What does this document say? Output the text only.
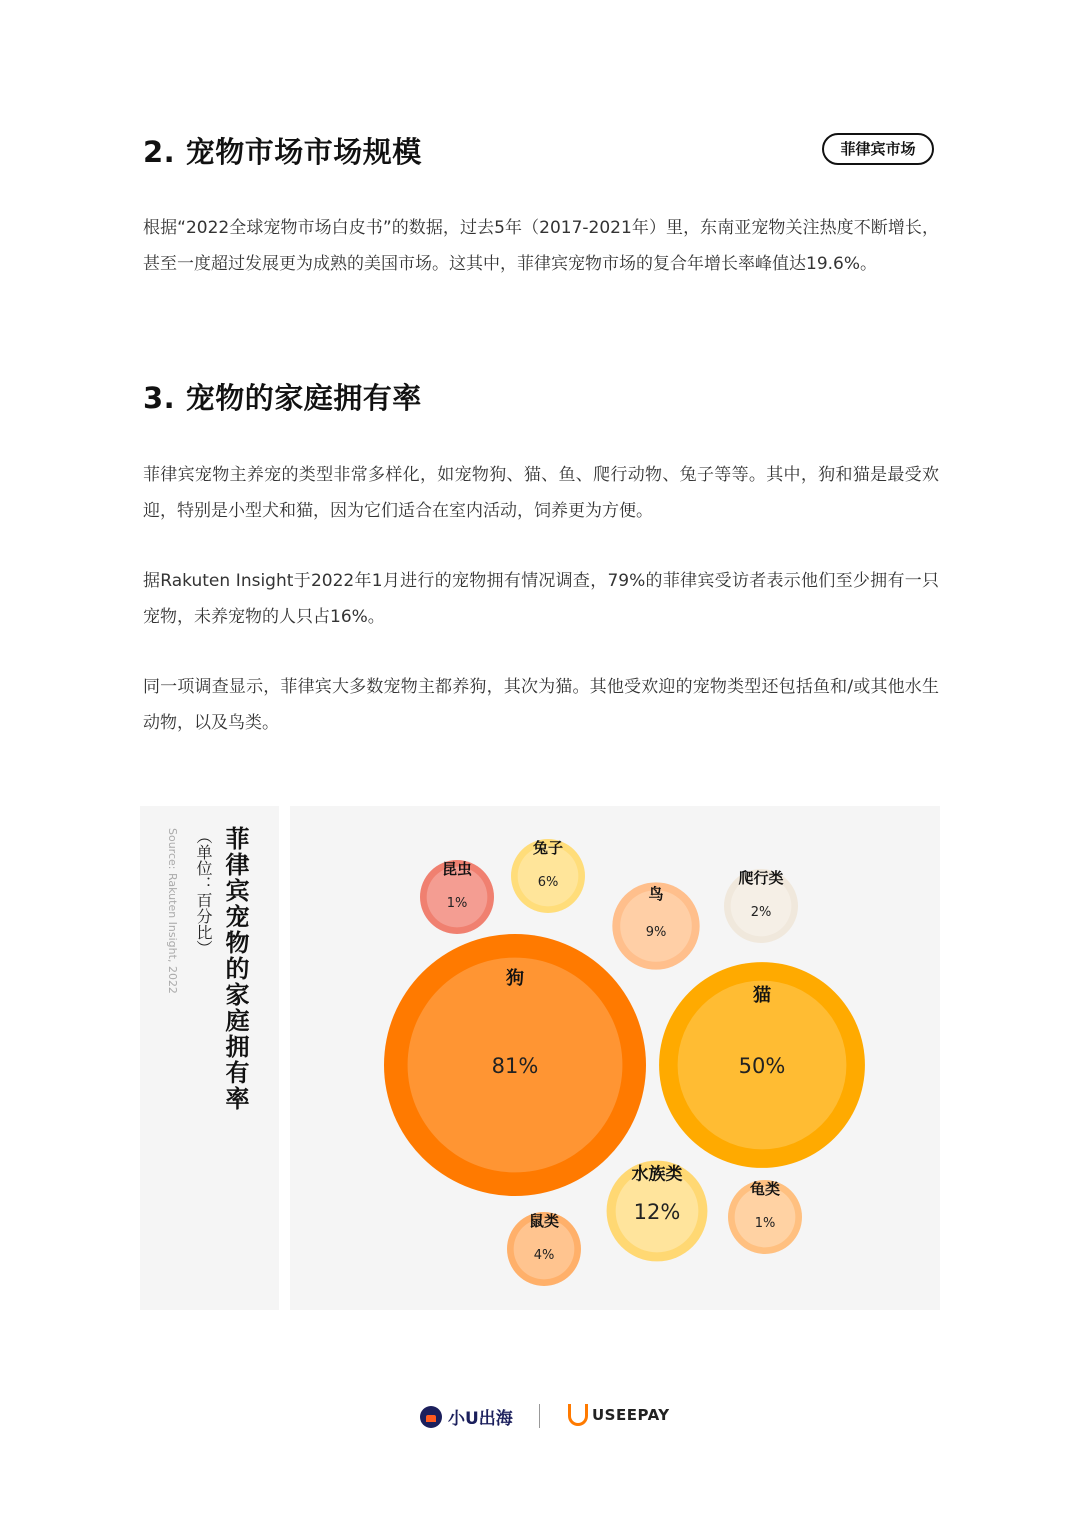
2. 宠物市场市场规模	菲律宾市场

根据“2022全球宠物市场白皮书”的数据，过去5年（2017-2021年）里，东南亚宠物关注热度不断增长，甚至一度超过发展更为成熟的美国市场。这其中，菲律宾宠物市场的复合年增长率峰值达19.6%。

3. 宠物的家庭拥有率

菲律宾宠物主养宠的类型非常多样化，如宠物狗、猫、鱼、爬行动物、兔子等等。其中，狗和猫是最受欢迎，特别是小型犬和猫，因为它们适合在室内活动，饲养更为方便。

据Rakuten Insight于2022年1月进行的宠物拥有情况调查，79%的菲律宾受访者表示他们至少拥有一只宠物，未养宠物的人只占16%。

同一项调查显示，菲律宾大多数宠物主都养狗，其次为猫。其他受欢迎的宠物类型还包括鱼和/或其他水生动物，以及鸟类。

菲律宾宠物的家庭拥有率
（单位：百分比）
Source: Rakuten Insight, 2022	狗
81%
猫
50%
水族类
12%
鸟
9%
兔子
6%
鼠类
4%
爬行类
2%
昆虫
1%
龟类
1%
小U出海	USEEPAY
